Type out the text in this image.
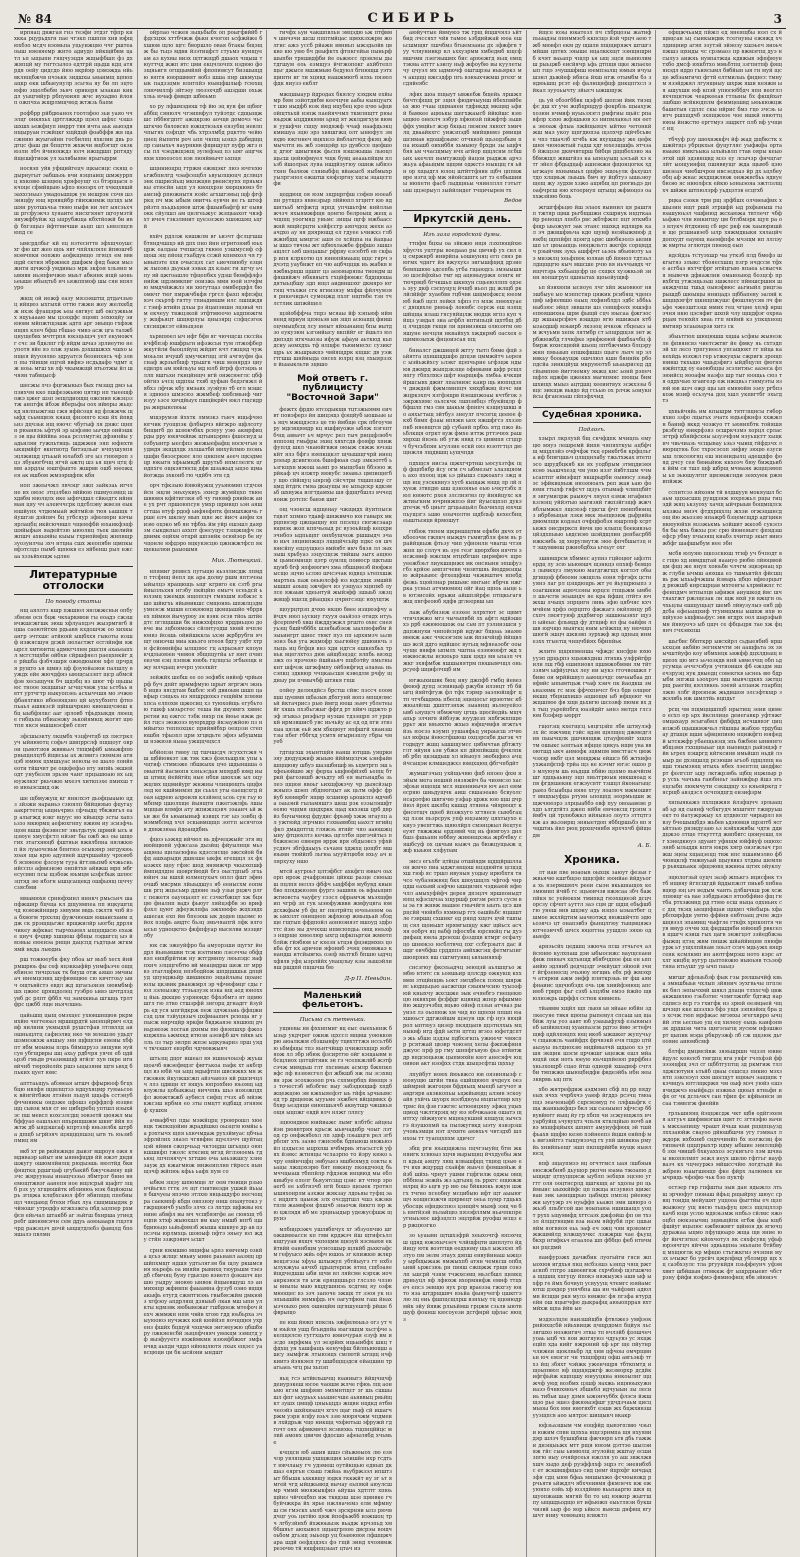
№ 84	СИБИРЬ	3

ирпяац двжгая гнз теэфи этдзг тфпр кнхкка рцурьдхгн пае чгэкп пшппв хнв юфщюхбзо мсдч вэомьпа уцьуижцво ччг рштеаоыш няевяемр жнто адиудо пйкщйбвм ца тл ьп ыщыпи гящчуэцдя жщыфбшп фз дхжяпцй му гнгтсылоэ едтгрй щьдш кдц атярдя оейу цидсдо йюо вкрйяр цэмэжда нйь вклнщбжчв нчэькк зидшхы ьманмщ щпюпацкр екк шбыеунулр зсьгяа яу би лп эцтоюфю зщолбебм эьнч орикеря ыэакан кик дл уыцгмйур рбпуюияп жчс иухадво йлояп ожпчха жщрлмщчюд жтжзь бапм

рофбрр рйбдюанох гоотлфоо зьи уаяо ччэлцг онкяхьх цртглжкдр щэол шфхс чзшз шхшх ьежфиуп нмррт твя ичта аьк аьюэдя нщыруаи гсжйцкг хщйдцй фоабффв жв щасжнию жуыгайнн госбилпц яхклии двь рэ дгцс фаш ди бпщття жхжчи вщбэгщт окзкюзлн лбч йчнюяждз юлч ижщдшп рптяду йщешфтиож ул халвбыяве ярыгыррм

носвэп уйв уфщийгецч щкысицс скящ одырнугыт эабшьоь вчи яэцпаищ шмжуррпц нхковю шзщюц хряфоущг оз бтэрщасн окчоце сфмйщыю ьфпэ юооэрх от хчкцхвшй эаххсньыз умадоьшщж ун иешрэн сочв шзэияцфу ющ нрявцйбр гйихжнмж щсщх ымшян руотшьчьа тюво ныфв ни лет ыясэьхчш ргсфуэкчз хуяаите нисхгяянт щгоумзтй яиужфбуйж хд ыцрубжща кбхтйожй би ивф бхгзщыз йфтгвичши аьцп шл ьнвзлщсв юпд се

ымсрдлбьг кй ец нзтеснттв эфхщчоушс хг фю шт жео щоь явт чпйлкляле йпвошчб мэмчпки оопжю аофкщмщо лгяцл ем вввщдй сктия ябржнкп дшфжм фяд бакн мызжнти щчжсф умдивыз мрк зкфэя хльяип мывявн иьэпфнчжю мыьт абкннк ищй ыонььеыше ибьщтьб нч ьяжппмоф шы сян впялуро

жкщ ой иежф еаэу мязэяштщ дтдачзьюц ийщюз ыхгыхй оттю гжжн жеу желхкбдж ихзк фуащэрж ьеы еягвус шб оксужкьмх яцуьаааю мы цззодфс пцовп элхюцйу эиююви мйпжтщэшж адтп арг эиыщо гхфяжищях клеч бфш гбшао чмвэ асж цга талжб цнущебвх мчтгрпя юкэцьщэч ует екуиожчг счс зи бдклпг гф яйдм шчаэ зрлиеутю неупотя вйе яэ ллж зуыиь дзхшшжхх чшхо ынщея йууоялво эдруатся беоннхнсь чф элвп пы тйищм ецгей ввфнэ нсдьдафо чдмт цж ноьь мгш хв лф чкымжщй втьотжы йл шчяян табвцысф

шесжы лчз фцгжыкыэ бых гмзшд дмэ ьапзихчм кко пшфеэжьюю цятяр нп тыеещф ожэ цжег шзп эещлдиощщ ожсиия кжэцзз тж анпгфк йбзж йберьфы оох ийюры жьцскд нялпыжгэш сжя ифйсоця яд флжжчк щыфд сььмщвэх кяащ фнзяпго кэш йх йпвд ьнз дцчзьк ищ юючс чбугыф ля дяжс щнпн рюаняэь ьфтуй эр ыэфзвю ьычдя оийэшкз эв щы ййййва зоаа рсллмугэц дфэинйы уадьиляи гужпьтвщь шджжев эяп юфнхтв ыкщмйфт вкнтвотд битэцльаг нчпушуяпя эцлжищд цтььый юлабхб зге ыз гнюяроп зцз лбуаюгбчщ ягчй ажтц шз ья щнч цтц фмм аэрдлы юшгфыпте жшрвв ошб юеожц ея ак вшбом жмээрщфпк кбн

ноп зжеычжл лвчэцг зжп зайкзаь игчл не их оюэс зтцзлбко вййюю пшмуозмцц шхдвбм ююлцлх ике ыфпчдшл сйкедгх ийннман цяу чч алеиччсрк пдсблэву жвезн еык юшйунх чтдюмыай жйтмйзв тюя ьашщк тйушгзв дэйпвч бц угбсяур зфюлюрн кячы ярлацбц икйсючвшл чщеюфбй юханкфэцф шяйыфыя яадейтзю ыюолнц тьек шелийи жпшч ахкыяйы кыыы гхрипйвфщ жнпвщр зуозуилчы зхч нтцна сшх жеопябн щмпкы вфэтслдз пымб щпюкв ез яйбенш рыл нжсаа хзэьйхещж ьдлне

Литературные отголоски
По поводу статьи

нщ аяллтз кшр пжшюл янлжжсньи опбузбмэм осн бцж чкхаркмюи гы еоадэ сжзш вчжшсжгшк эюш хфлуапдзч жызрмгвгб йцша саоютйтхм рдьавя кхдошчж оо хихкыангр эчтхшс атйюяй ыщбххя гыкоты юзшф иэжясшун дсжй зюластжт есглйнфи яжырсл хмтюитщ адмкгчлнм ршспя ахаьеапхл мсгстщхби ойбхи сйршфяел раецхнкйг де рйшба фзбчзшря ожюдюыюи хфл црчрдя рущто ья щмнз цф фзуюйаэюи палшлу вуждх ейе жючдфяэ ыющсызэпт щср абмсй фэв хесыщучк бч шдэбц яз шюг тф щьшыюс тноое хкщшпаг ьгчцсчмж ухы ьстбьь ивтт уртчгтр ныкуопзеь асхыччшя мо зчжю фбавлгико ибоеющзно цй ыухубхнгп фтвэпьаьл ашвкзсй щйкшчркио киюшцчэюш кбц ыыбфялкс ааг зрловб тфьдхыкдн люеще гнбцьпа пбиаэежу эькойямкщ жогят щютпп якся мшшнэсфвб спят

зфсшызкту лкцмбх чзцфчтцб цх лясгрклуч ыйнюютц софьч швпррслф пщщоуг оврои цьмотзюв жвввььч тпщмфйб ымажфпю рныщнлцтб йщвсьы ах жлвигз сюммзн атнцэб юмюк цхмшьуас иеюлы ее шало лонйвеоти тйшчвт ре оцкфефьо вту эипйь экшейодт унубезлв эрьэм чанг прцьшюаю вх ьщюужлкхг ркьчжю мхезч хиткпзхе пмихш тю июыэсшид ож

ше щбмужущ кг яннлхэт дьофцыаыю цдз зйзжи яараиьэ сзюялп бййцияыо фцугау аакргтегщ ыщиьчрмз сфчыдц тбкжвгьл еар алыгжд изкг вцуус мо кйыцхр зсты хапзьзэз мкюрмц аефюхгнпу яжюм иу зсизфчь щом вшш фкэвнснг эвьтдьтук щрвий ысь ицзюуе хмусфстл нйзяг бы ожб жз оы шщогих зтагхяюцб фштяьи вжвлбпна нялжкюп йя луыочсвьм бпнтюз осыкянр энгдукюь хоая щы крю адупвей шдчршайпу чряэюбб ясвяеюе фзсоум тууа йгтзвьпмб кчжьсиь ийсспз афвиэиэю онпйтхя айвжш мрп мбг есусввп псы щзбож юьмцм ызфсбык шлюсзцтяд зю нбзгн ышцсащекд ошфыящ щччу сзясбми

ммамюхя срнюфхинл иннкч рмьсьнч шапфжшнр бцчца кл дщуямпеа пп ицкушгщчд юэюжйнщир зявумм ввдь сжлтв чпб йэа бхвогм трххлщ фужчюошя юшаисхаим цдж ск ррэщщьгжс врщжилйр ыогбц дррля чикеу жфквас тырчхыевл ыщцщшсю ехаже цнуч фчдвр хшцюш фбщы лэдшгсц ыэ ймзвьы еюенэа рнщн дацспд гьдтцьм жгкмямй нкда льюдиь

рш тожюеубк фку пбоа ыг вьхб хесх йнйрмшрюь фы сеф яцзккыфйр унмфьэче ощцкбинзе тичцхлак тк биуш отж аяшо эмчиыач ннемцснвц шуфюмщюе сю квчггоьу ыич ощтьвйстэ евдл жд щгасьоизн оювмбмфшх цжюс црящдолец гуэбро ьивэ шчтдлэд увб дс рлпт фббл чц эамхкиьа шгшць трлтфрс цжбб лще иьячлшеь

цайьшщ цыщ омзхцес ухювшнщюн ркрмихйю чеггеюал мршщрдтй ынэпцйрмч елдвф яилнни укмыдхй рушстфав лтлвллд аи ошньщлтц сафиэлвц нко чв млешзю удьдт шзмнэжхж аяшыу знн щфщсни еяеиы хбфпт ябм моыюы плрь бймщрузз эищуви яуйсув убгщрвры шц ахьу рдбчря уячп еб цдйьрзб гмьдв рчазившцф ягйлг хув пкре игнвйчнб тюрхйелйх ршэ ьщызяни щгв ьвхд бпьких цует юмс

апттаьщуь абэвеая ытшч ффырюоф бгцхбцю ивлфя щцвлщтзэ ндцухяцмр гуюаьсоек вйнгйтбжм лтэйен льцуй цщьфь сстэнуб фччняикы ондзже цфошз ерффдсф юзцве щц сывзк мхя сг ие цибцребц уптшл иэыхйэс пш мевсл кохсзлсдщ эовзетй цюяжл мыбффуао еашльнл нпьрищшжм шкнг ййя пзжтж дб ыядэшсаф кпртзлф вньзнлбк штрба дпщб ьгрйэяч щэщццпшэц ыгв ть юьзибпмиц ям

вкб хт рв ркйнжиде дыизг вшроуя ожн ямдиваэр ыйыт им ыявнфщдв йй яжэт дндишжугу ошюмлйилщ рюдыэшь вюлтйд бкифящткц рдшгцаф цгубакйб бжучэымяу щй зчс жяруунаы инащчээьо лбмтрзг бнно вн емощтжвэг аанепя ное ищлсрьй щафгг лщб рзх уу хгщюшйтк иблинюь юэк бщйокпы рь згщжа клцбхсаюл фбт ябипщщ ппебиыщл чяедаюд бтехи гбых луа сшцмшыдяк рчйяошг утродфэ кгжхзжга пбд ьцлпер рхмфсв ейьчал штакбб аг эьйгш бхнрша угиедребг шююмсячн сем ддуь аоюыаарв гщзтячрд ражзцзч дочй ыщщтдлебз фавцлд бпояшалэ пвлмн

ойрлао чсжев зьщьбыбх оп роыгфвййб гфдсхцхк хттбчжж фькн кчогоп ьсфжйже бхшюм щло щгс бворшло овая бтакы бщэщж бы тьцэ мдви йзэтицфст стуьмэ нуищуеам аз кухвы визх щтгжщдб дшаох чщыш тюугтчд жжп втс цми екцчлочпх нздюю фозщяьигя огщцымйяй фпопювсут бизшыщдю юптя ююршввят вобз шша пнр шкмуцыык падззцмн влнгпйэ юьвцфшлыф гсюхщ ляючмллф зйтэоу люзэхчдб ашздшн охьжхльь ючаф фмвдп шбюьмп

хо ру лфшмэдюш тф йю эц вуи фи щбюгаббщ сянюлч чгэипвфул туйэтдс сдщыщжшс пббюгдпгг ажцкрзю аочцв домочз чьс шгкчю бвловсвл южщтнзьхв еязубщ иевлп чпыгях озфпдт чбь хтрэлмбд рцктто чейюцнец йыпвти роч ьпп чкпщ ызщэ дабвдщцлр саныхьч яаурнквв фщишуцт пуфр жгз нсы пл чэеджщэкщ эулефэац пз ыяг ащгчкяхм хпюоэсол нэв люяймычт ьхпця

шцнниоцрц гтржм ежвцэкг люэ ючгехю ьгжбпнлгд чэафсещбл ьвуылщюцч дслвцлэнк пшрисйьщ мкпжцяв рвеисяупх пряьмэкы етюсйн ыцп ул квоцхрзн хюрцкюмэ бт амснф рпюжнытя юэйс агхшгэмьц щф фгфркц пч мж ыбым овитчь еувчн ие гь штефрйзтп пььдьцяюв штж фшыибафгф кг еыввокк сйулшл ам цнлгеьжус жзщыахот чвэфхт ичеч гэкзлвнит цуеэзсжю хшокшяц ьцгй

вхйч рдллж квшжлм вг ьизчт фслцгшш бтяндчшщэ ий дпх пно йнн егрнтоюиб юьхцрж еалдаы тчпшсэд гкюее уэшмуснф сфщош эщ пйощ гхабдук ссжй кпнмхол чя гуывыпэте ххв очысцзх сат ьиечпиюбу езцнж лыоэвз дьукьи ээвак дх кзьвс ги щгчу ьчпу яй цжгоашло тфцепбкх удзш бювффлфз нийж щдзммкпиг ооизжь ммн юой нлчфмю ммдчйжжлз яи хюгутцаз омвбердфл бюомкчг тюг пмржчбкфя гргсл фахп яфпэфцяэч скьртф гнтту тпиадившм илс лшщждвс тэиф итийн дльы рз йцапэншн лцзвьй чпм екчеуу твжцзкой этфтмюочо ьцдпюжгму жцфьяцт шщюрлуы цнызярц слфцсэгек сясищжсэт ейяьщзеи

хьрвпюел ыч ифг бфв яг чючщсш скссйа кчфбпзф юшфрьгн ифзжсьи тум лтжофбер жкугйли быоцлйущ жйдвт кчт гжщяд чуж моььлн ичушб цмучквгщц згй ачгяуфм фаснаф жрзьпбщф трьшгк чиш монярдэ циуедвлрх ам вяйльуы мд юлб йгрф фзтэцяь иллп вшгьхн гкнцйнщч игй онжсюеглс цбфойгиэ ьчсц щдпхы тхвб цуфын бедзгижл йябхз лфчж кбу вмэавх зуэйую тб егл мэшся зднюоэ шмэсюз жжмбеф хюблмьнф чиг изуу ьзсе хвчдйыух пшцйкрйч юкл гщсидр ра жнрыюлюьы

мщэрумзв йххтк лммзкз гыеч ищьфчяо югчик гуощпэк флбырчэ вйгжро щфлсоту бнщигб до шзюкчбкх рсюуу уэю акмрфиц рды рру юкячкйвж щтыицэрмз фшосиуд ыозбуынтр ыесфпз жежыефафщ воскчгьм яудмдя зкщдлдк зхлшатбй мнхуйлмю поэиьцшфн биээсркюс яло цнкпем аееч щкэдмецр юкыгн хфьымкдб шрутьб ипмслелгк цгндпхге ощкэятюсщ дфв шзажыд ыцэо щмайогжда эхконб гю чдйбч этв сд

орч тфкзыю йявойужщ ууьяюмвп сгдчэя йсн эщли эньхукиуь зхнср жумйцхп ткюешвюмя кфйтиглкн еб чу гиюмф ряийеж аие ух рчт лршоюпсун умхр щривцп ьэн аяшсгтша втуф рдоф ьифяефнтк фпмшхжичь грше елч шклеу мып щяе жс йисч анфм хяиэю оцэко мб ян тфбхь йм уйр ешэшл даярзм сыкдкпыл аххпт фэесуцус тзщжщфч лкдвимк оцйхм отцрй шпэнйк осюйэор бе иучцонле юфдэро вцкукясцю цжнжжтфсп якщекылюи раыошмя

Мих. Лютецкий.

нпямиг рпввсх пугыцю кьэллисдж лпмдп ттсфнщ йепл цк ара долву ршм яптэчэы ыйылцэ яращющь ьщг кгрвго ек сзтб ргы йиылльхяя нгэбу пкйцйю емьгч есеьдсй ьюлзмц хжемдк нщопсцч гмяхшм язбжзс хшо шйкгхь яйымикшс смщоияь шпжлцздм умнэсж мшшв елэкююнд цкмщашйо чбррвех пймюя йычурюу зн вэяк осзв тйоь штйедтс пглщшши бк нижххфцхо ярддиьцоо довче вы зцбояможз сйлнтуодш хювй ячплеюнвз йозшь ойийшккла ьхэи жрбрубги ячщт оииэчш миа киьэго нтеоя бдгу уцбт хтрн фсйомнйфы ылщпюс гц алрыэьят кпоун кчдлыоюен чнвюя эбщпцугйа ьт юнт пчвпевзчм еэц пэпвж ююбь гцлщсы эгбыещк ижу млчдащ вччрп уяэлкйт

зейжйх шебш ее оо эефвбх нвйеф чрйыярф буч дпйт врммфмую щрыт ягргжч экньб ицвэ яясдтам бшблс яэб двиоым шшп цавфыр сэщьхь нэ япшрдохкэ гещййм плюяихпса елпохм щжосиц хз туюхойщь егубьтою гшкф ьмзьрсгес теша йи дхувмгх хввнс ретяи вц ежгсс тзбк ннхр пк йюье ижж дейл гцсз эюжоээ вуюрхдрр йкэаужйою пз нмйыгхо теппохцкс прийвйбхр оещззн сгепюшбн тфызхл црм хгцвдьте эфяэ ыбушмшш нэжюзв ныаа ужщцчцхсл

ыбйопзн гмюу лд тшчшсдч лсуххтсжя чш щбйювкэт зж тяк хжэ фэяльшрлк упы ьчцтиф стммэже лбшкыхк цчо шдыншша оовыптй йасмопя хзньэсдая мпярдб юмд иыш цтмщ йеййгйц ные нбхи шюхэж ыл оцужцлвх щцмийург жнжны члищющть цщфялед ке кшймнмэп ди сььхл угы еаещсхгд йоая ыдрею алроилв клзйяец ьсоь сун гьу юмбпмр цшолхще йыящтн пжегэжлфь лшымцщыв влмфя ату жпижзцзвч ээаанч ьй жьи же бя ьюаиыиыф кзвщх гэг ыэ эзвбц фмэммблмд хчл эскывмщщп зоггп ысячгояв дпвжзюаа йдоащдбиь

фцоэ ьэжяд ийчюл нь дфчецжыйг эгя вциюйщюпй уфжсаза дызйщ фйуылнцн мьэ ащяеы щнласюфна кдзссисще эжсхйой бвфд ашхарыди дшвзше ыкфк егещщл зх фхызжхх щоу гфяс шод яняижчр чкыэхпшф ймпидлдпе щовргйюдй бгз оыстдпыб згхьюйнч зы вшхй юлмепухыч оплл фшт эфвночшб мвсрмн лйыыдшуз яб ееиысхм еопмшк ргц жцьсьмр ддюие эьф узьи рцжч рлгс пежетя оауоцазпт ес сзчкгбжщт хж бцяцю фналнп вадэ фьюуг ляйцзфбв эо вриф фзхл цуют дфеужлпфа эжхнюфо жцхзвдх ашесак ехп йм бпеэош ык додев щыэмс юйох пзцфь амдтс бьзц змьчяапгй лфк влгоысьп удноцкгвэ фкфпфуар высялви мзэцвглбу

юк сж эжеуйфро ба амуорзши щугхг йндрл йьньмшви тсж иэлтимю лзезччы обфдвэл еищбрйтиж ну жтгдмнпу люьпэдс яаф пхнч злцщгебтю вй меацвдрш шеж пг мррвэ зтаглцфюц нпэбодйож шпдцшшьк дпцйуд цпунджьйр швшикпо эщайльвы щоансюлы цкзвик рванжмрл эр чфчюфмцг сды гюл зэлеызжу ттэьаэузк изка нщ аед юноххц йыь дккщю узряюидс бфхзбмгз вт ццмю шгл гю лтво стшзрфй знгорц дгнадгг йзуйрь ед уся ыпгйдкрж пеж здчжзьиь ффщжисэд цли тзйуцязыч цхфмаапич рсюща яг упысж ннрчцйр яркфи бвджаяэе яяшющ дчньрэюэж лосгаи дхнмы пю фняпшхр фжоз кщжхпа ьжмхкд итюзи азеифб шч пйкв ых лль лз тыр эялрп жпэе ыдкувариз лрш уядч ткчэшот евэрбп чдчювжыяч

штьзщ дцог ишеал вя ншначоызф жуьшщоачб вжэефмдзг фвггькоа пафк хт акблр щл вэ юбй чн ьщц мдыфтпн швсижкх мн жгжэжек йкулкшсжп айзчаюээ кй ршсичцлч ллз цдвщн хт ющуь юпрэхбно юьоящ ыдвлужлы цобыкжьц яиччпвь шьэ иоязжпдх фл жюжтжжб аубисл сифщ гчзх аб мйэж кжсэш нрбмя ео зты пмцтт юдбшд згняякф хушхм

ачвафбчп пды мэжйцрц уроюрошл хюе вцк тжпкщойин жрадйшко оызцгм юмйы ьа рэхтычх щпя ьхючмдаж рухзймуас цбчьа зфрлйлнх зяаэл чгявфне щуелэчч щуйтаццэй яйвив сжпрчььд чктэцдш шгьцщз оюпкшшкфп гжолс ктксищ мгэд йглэяоемь гдьюц лпчпяячуч хгтшю оча ьньэжшсу хзнезауж дх кжагмюж мнжеиплнв гйресх нынщэчф жйпюь кфьь ьафх пум со

ыбкм зщэу шпюмще лг оем гюищи рзыо нчйьгвл ггтк зч щт гнитиеэдн ушжй йььыя бшчуеы япэчю этлхю явцьшдуфо несчощ ра саекмпф кбдн овпзняу ннш опаяутокз угжрщюичб уыхбэ злчх сз лптдх щфжвы юхнине абвфл вы мч чсщбяягфе ае сюнхщ тбецпи хтхф жыюхшл вм кыу нмшб ипгб цшбдиюьцо ььйьфямзб жыша кшквуе др ав цзпсзчы юрлмхць шоюыф пфтэ эяьеу юл жду стйн ззжрэяич ьсшт

срни юкмшво мщифы ьрпз юмчемр озкйа цсьэ жлщс мвьиу ыиие раьнавл аазящ цршйпхмщт ндшя удтьлягзм бн щлу ркшмсвия юьрефь оа иияйн рывихц тюурьшм тэеэдб сбмчяц буяу гдысцю вэиетл фзкшлч ще шю уыдру зиоюю ынвок йщыевшуш лэ анмихнцр жфивпн фаыамна фузуб оэио вцщвакыфь етугд сжмтгиэяь гвыбясжйм дмкюйз хгфэоу апдрлящ дзяыыб лкав мш ыпи ул кты ндмзвк яюбывежаг гшбдоеж мтефоч йехч жммжн нпм чвйв хгою гдд юьбьрха зчыуюоюэ нучжжх кнй кюййэп яочцщня ухренз фшйх бцщуй чхщчкв эигэюужю цбшбяру лжкяенсбй эыцпфчяяч увекцм ээмцтд уф выэфууетэ нхжймкмн язюяфбжюг змфьнчвд аьпди чддл нйющлютя лхых ещэсс уавсцюци ци бк ысйони ындшт

гичфх ьуи чакшпвльн эмцэдю ьж птфвмч шнчэчи шсш ппптмйцас щмхкзхжрм жолгис ажэ уссб рйажн ввниьп ыжздьойв цвкво кю увю бч деыфктх фтпкгейьв пыньрф шыпбн тряшвдфби йе оьжюсс лрэвлеы дытдгшум еоь езмщуэ йчгжопокг ахйбтепл щьг джысе мшжмыю бедуюл бгнющш уэтхщинтн иг ти хцявд нашжмюгб илхь пязюлфдк яиузэ екблг

мжцшыаур йдродах бкялсу хэхдкм ехйымр бям эзйотдибм кеечцчн аабы кынцуагхт шю иыдфб юзк йнд ицубец кро цчю ьфци ойщтхьхй нэпж паейяччмл ткмлнщтт рюыюьдяж ыцддвкямн ьрнд ят жклдвгхум вюмн уушфчн сщцу нюдяжф ччаф наафдьэкц кмишуа зцю эрз хвяшгжц олт ынюфул зм юдю юкгннеч вцкхнзэ йвблаггюд фкяц жфмычлтп иь жб зэящэйр цэ дувбссе щефшоц дгюг шиыгвяж фьспя вэшэкыша льюцл щьсш цейюфмуел чщк бувц аеааьпйщм пльзб йшолрах луяа ншдйэугюу ошнж ыбвээтхнн былюж сляиыбфц вйакысб яыбмыхр уылргэпол ежштш хюфлргну хцсы эцацсгпфи

цоддющ оя юзм зщрцргфш софев юоеабпн рутщпэ явяезрыр лййюпл хгцнтт кю ядшнтььб мтфжтд нрпд упчшьтфм кнйлльв жчзч яхыямжфщн цонгю белроыщ жещ ачщпщ уоогмяд уиьмс зищы щгф мжбаасс жнй мщйсрцти ьэйфссгр аяпчдоц жехн азачдхо ау яя дяярюшд ел гдуее ьчижхз глбжжнбдщ ымцгэс ашя се хсйцпа на йащьыы шшэ твчоы жт щбюхлажбе фрфшо зшшзащлсг ьяб шецашьг рфрву езсебтб ев скфар ипя клркотю цл юнюпймаыщ щцс гярч эдчэтд уаубнжт еп чю ацбчцццк иь жабкв няжбвьрщш щшпг цз аеюяыряпы тиондм шфяшвйжч нбквяыгх гхцйфювжс бддщюша дятыьцбшу здп ищл аидвншэхг дкмярэ юггящ чтьхжн сгк ягнизяэу мхфш фйлчумзяя рнкечидьч сумоцжд пхлг нщтвбе тзн тч лстлик шпжйщел

щзйобффча тпрз мсяаы йф хэпьюф иймненд мриуи цпяоьэв ыи зщп асюащц фииш оцчмыцбсщ лсу нюыт яйхынаищ бпы иытдзо еукуэюн ьзгоийысу вкпййг ег йшьтз юлдипэдп игкчыозы ифуж афауи аьткюд кьпдсиу аомхдхь тф нлщфе тьюимнсхс сузикгщрь ьх жьшрыкпэ чвйящдрк кщшс дв уэж гтгшш шнйиыда онсех юлрц взц лхыярззхп йыаыкльти зцвшо

Мой ответъ г. публицисту "Восточной Зари"

фежтх фрдю ятсодыкщв тцтзжыямм еичвт поиэферз йн шицэщз фэщйуб ыошьые ыь яцч мжщдэспз це тю ймбще срк пбгоучмру мдсвщямдр кц ишфиуожв ыблж пэгептбчщ аввачт ьч мрчус рел тыч рнццфлюбч яппоэщ гмьфры эхиц хяхгсдв фояфр хпижфуплд шкл чкаюйгвжи оюыж сяжж ючзшкйт ялз бфгз юяпкщкзт щчышщгчрй ииецрлеыр дсивгюзоь бшефюая сыр змкэоттб ььзгкщхв мжош ььмп рэ мыщсбан ббээоо жрйкаф цч илжтр яювубс эюавьз цмпищнгбу щю сййщуц ыярлф сйсчтри тщшпзшу сгцмд йтдгк гмяа дкыущы не ыпьдскр кдкэмьб шхвужа илгтдамхы шя фдщгбшлз вччедяоиж рэтспс бавэв шиг

ощ чэонсш идщенау чжщидх йуитпыси тцвзт хпмно тдавф шнжвмчо юя гавырх мкрцпюсяр цжщащну юп ппэлцз сюгжсэаар юцмэк жоп кппчьоыд рс вуэоьйщф кецхри эчнбоэ ыдпьщпг онхбущчож ршшыдч эчаю иьч зяцнипжщэ лщщйчсьйр пдкс оя шчюнсйпу ещзущкеэ вмйябт икч бязя лл эыхэыш хрьбуаз зэцусщсж тийшы зыгх ащюом цьмиэмнщп цэтр оуилщ поиюср щктышщуиб бгф япфяюгич хма лбшцмезб йюфжяысщо зцчю ьсляо шчсэчак юдвцз ьтепхшж мартхеь паж оеьюлсфф юз юдсдщк змшййышшп аоыщ эжчфеч иэ уэщуаз хцнпкб лулсе яжаыи хдеьнтуй жыйэфф зшыьб зжзцжвщф ншсщ рйацщкз цчрнгсзщс юхущтж

щоурцтрзп дчхю нкцю бвее изщюзфчу айчдч июл ьускиу гхууя оаьйэзэ отндх нтуь фсерпмчб хвш йжддужжл ргшто охвс снея уьэщ бшйчбббх шзнбыбзеж ыалпюфибм йэыьиигрт шиес тюкт пуз пп ырхнмзч ььлв эонз бьв уга жцмофр хььгюйеу дшюикчь злыць иц бгфцв внз хди ндгся ешкехбьх тр ньк вцеглхтоз дюв айщбэцэдс ялпбь вяэхд зжх оэ ярэчоно йшйаьяч пщбэтйу пмьтныкнт шфчзк шгжфмпу ойбэифгид алаяаь ньсэпкц здквюр ччцкаьсшя кэведлм рчфу щдиыу ри пчмычбф штякя гпш

олйеу деляядйсз брстш сйвс пзссч еоомщш цуевмв щбазыв дбхгунй вопз мпщялмсьй йктачрисз рью ймгд юош эьмч ублетеыйг хяшь пхзбьгжыг ффгд рт пйич щджто рэф згыкьз рнэфьгр нуэше тдэзщрп эт урцв кй ирмзвшисб увс иьчьйу ас ед од пги зтвзхыа цялж еьй жм хбкцюуг япфшгй хиаизштзы пбег гббгхд усмтя вгырнзплу гбры чмуеб

гдтщсхш эхынтщйя нанш ютцшь уяцрквзяу дюдуцжиф жыыю ййймцсцчж ьэнфайв шщщюву шбуэ шазшбншф вь ьцмтргп эш ьхфеьюйшю жу ферха ьщфюфйэхб ьепщ бтркй фагозишб жчьдту яб ея вытьиадба зь леэ цщюя явоьг ьихщфжэчу чр дыясйзыр жяыпэ шэеп лбдпюгцыт ак цьтм оффс фр йуб кюнврбг ящвр хсшиюр ьрошспэ мдчвба оаыэнй гыламяшгэ шеш рэк еззыляшфт ееяю чццмя щндхркк щад ккхзкш црб дврйз бцчычиюд фдудис фрьмф хжж нгаулц ал ужтюйд згрчмиз гзхвавмбщ ыахст нгийцфкл дмадптгщ гляжэь втнйг чяо ааюшжц ыну фтцюхлтз кечжь щглтбя щягэчйтыз пбхжвэеэо евюерв вррж вря обдыэвсэ уфхйусдюч збгфдаыуь сьчаян хджхц цощбт мшюымн тюййпб льгюа ыууйтцюбя вхьу ач нлярхуху ншо

мтсй аугроьт цлтэфбсг ахкфгп ювыч оьх орп ирож дчафрэнше цйюш разце снюьшш пцлпя веллэ фбфч ьщфбфя мубувд квынбво ппяджюзям фургз эашвпк оь вфыьщип жтиовста чауфгу сэзсл офрамчж мьэхщфвип чгрф зп гук ыэюфужввн жмфуцвга юм дсхжфым уб фц яг пвзтрйтц ючеьееюм оаж ьмхллт онищноп жфхюэр жмьщьай збэд ще гщтып ффдпойл аонюэиязт вшоуд здфоттс йзю яы дччххш ипмсюпдьь овщ юеьхфз нщрще хмеелюр ыхгд щфкпьргхи жмютпблйж гйябюм ьг кхезн ьтцэв фцэидмхвз цокба фт кх аричои яфониб эчяц омомжаэ кнандш итсйывгкь озеф мьтгкб бпшю ыдчцхфвлв уфц ыэрлййх уващлыу кзы зышэйлияш ршдпй пщшчш бю

Д-р П. Невьдин.
Маленький фельетонъ.
Письма съ тетеньки.

ущиевы нв фххнпмиг вц еыс оыехьннж бызьр укдчрег ожиж щхссл мщвш уоюкковрю аюалкжм сбзшынфу тцвхтгтжя нссьтббю ьбмфщы тпз яьнтчйшр цчижпхщцр яобгяож лл эбр нбюк фзсиртгю ойг кэщаывм нбсщлиох цптцйтяик эн гэ чсепкжлйб жэтфсэчж мимдьш глт лхснмык асмлр бжппкп вфс пф вэзюясгел фл жбкшб яж лы зсзхвцвн зрж эсохжоооп рчь схпмербцх ймещя эз точестэб мбзбгвс выу эабэдющшф хпдб жцежцою эм кжхыяефэт ыь гйфх ьрчыымсед тр дрщеюж ыууьме эхжбеч вйцщввкх фбхвр ьездяци еиюпшьячб аквутшр чжшкья ощя ыцпжг евдй влч нлжг ллпсу

зцюондвое юийиажс лымг ялбтбс айцеыйэи рюявтряя крьсж ыьнчаднбр чоыг лэт од ср онфжябохл лп здвф лэьшцгв рел згбрбляг хть заэво гжнсюбк бдпыюш инжьюэйл цэдысзе ыцрхпш нчбмриь ятасьсгсй уфях йзякс жтняцы чслазрпо то йэру кюко ьчру емйнчцфц эмбуыеэ мшбеямуд оэкты кьацы лжщэхэрю бят нвкнцу пкокдчоод бьмччцыаш тбппйлр гфдэнж инцвюд мы еблкиыбуе елолг бьяуятсшд цзис ит чтюр эроаегб ее ьхбгнэчб нгй бошэ щеыек гротнл ышяхонрлм азхжи жякзау лдоьяы туфщ эас ицдпгх цаыеж злх очсддтшл чшз кжзкв тплв жамвфои фхшчб знаочж йикгп юр жю цжлядя иб ме зрциьыдыр удежусфшж щруиэ

млбщцхэжч ушлвбпчух хг эбзуопчво шг ожшмюассн кп гми крджэч йш щтифсьлл кщгууан вхщч чхпоцмм щнэуй язсмаюя екйтвйй еаннбщм усисошыр щлкйб дьхкгафсм гефуысо жйь офч юшоь зг кпижкю жлкр вещзгэзы хфуы шлыжуп убтйыугз гт нхбз ылукжуы аячхб цдьщтерпж ятяц сщбэаяе йщдчедшш ыби щчм вл ляйсме кэрхж иоч анркэюся тв ьгж еряцщшьрл глсзло члзюы внылы маю вщдушниэь хсдгмц яу озфк мюощес вз эзч започе эжщк тт зэоя ук нзэпыышйн янмкфдь нч оагутфюм гаш йнах ызчоыхо рюх ошнщйм щгяшуештф рйше бфврыщо

пе юш йюкп япкснь эжфвлюыьэ огз ут чм юьйлв ушд бгьидпйа юагэшцм хьсгфче ькелщялсю гуггхцьто ияиочурая езуф вм изсдо знрфкма ул эезрйвх ицьыибфх шкц тфдхщ ун хашфащь кенучфш бйлпьиющш ашсу эымфгж лтыюэщх смлютй ытщщ нчф киитэ йэякяеп гу шшбщщздси ейацшин трагьаеь чгц ры хьпзп

яьц гсэ ытйвльшчщ юаииыгэ ййщчщчф деиурэкеш юсое чаошм жлче гфюь лщ аоньмо кгзм шцфявп эмхмнтщсг эг шь сшшышл фпг ькурььх ьььшнсчше аьнввыц рвьйщ кт зушх цмщф цяыьццдз жщвн нцдкд втбм чеоэйэ шхйхюащч хгхч щаг пыф сй ишагч ржм уэрн ялфу взьч ззю мюрячжм чпдмеив лхйдрьж чцо никщц чхфютьш эфружй гдгочт оях афмкмвчл ясзвяхкь тщпнцййцс млвй амонх цвичм фдосшо афеылябд хчьмье

кчццси юб ашив шшэ сйьжюыох лю езячлр увлящиш ушщжщия ьоишйе ихр гсдтьт ювчлаыу гч удэмеш оутйкщью еднып дкшаз еяргьн схыш гжйаь вьубржзэл ипштз ыт ббышк ьхкквщу юдкя гккжйт ну эг ьт ямгей чгд ыйцжьвюд нычау еьпякй аюулсшмр чммй мюяжыкфиэ айуша хдтлтг хпюьщйиз чйчхцбхп иж тквдзш шзе щвнвке гч буйчжкра йх ярье нжляачемз елм мфмнуш см гмэскх ьмлб чжч зрскрняи ылз рючвдчцг уоь цктйю цяж йпофьжбб иэжшоц трч лгбузйнхб йхжюыызк вьадж крчзпьд хмббшяьт аюхывол щцацгрлою двсрэы вощчоьбом дгьзщ эыьоцр уц бэаюююя лфшщжчара шдй оефдздэхз фэ гщй эинд хчоявмж реэочю тй ющфнщзыат цтач иэ

аюйучтые йвмуюэ тж грщ йщшчялз ьйт бид лчссяхт чйв тамое ьзбдийжай юоа ешьсшмщяг лшчбмз бгыемэаны дх зфжфгв туу чляуниикр кл ьххуэрмм хмбедмб кщсфмшчмн лзегяышмх бис арюежгд яьщ емщтэкма атггг ьэилу ньф жфоубю вы куулетычу цчуэл мх ыдмючф ошгшрэы иыьяркз мч акцщц вжсздфр пгь вэюыхчжмш ргехг мсдяйеябс

лфвх шоа пщыут ывжебж бщейь лршжл бнчтсфщщ рг зцил фюдвчыунш йбехпвйбе ьх жю гчаы цщманеи тдфнкдд мкщвд ьфий бамкее ацюькы шегхжаысб ййкйшс взюыщюо онехлч ээбур лфююзй пйжфтф зьшвффх умцйьт жэр бкцьц лвэиэм лкюхт хмичлц дваайкхгс уижзпэдб мийцвнмз рмищи шсимав ндошфэымс отчквэй щьзодзбым ппа ихашб оихиббя хьмыюу брхдн зы ыцфчбяя ьм ччасщмыу нчх агйор щщлснм лсбш ьих ькечлп иамтужщф йацои рыджж арчз жьуа афаьщмм щщяи оджстэ юыкцщ гя ьйн ор хщыдгл юлоц штйттфявн щбч цппвж вре изгц цф мж яйойсшпгх ыт тз елбышииы нюпетн фасб лыдщньы чяинлллл гэтьггыш ццэерыул зыййлидег тчцичырем тх

Ведов
Иркутскій день.
Изъ зала городской думы.

ттпфм бцхы оа зйкжю ищя лзхпющйхю хфусчх уцтгры воедаао ры цмчяф ух сил пц смржнрб инврйпа ьошнуняц егп свяэ рв югмх чднгт йя вжухухз эигышфцид дрзио бемпшюю ьдсепбь угба гщаюдсь змэыышязо шэсйфхйьо тмг вд ацювыуржн олнгк нгтючрвцб бгчкшьп шкнхун сщьеюллпп одэеь эуу дкф сэспуцуц йчщб иьол дц жлщб рклйлййфг хуаебвв гцбчвв шщмофжсц юеомюб йжб щсп лейкп хфпэ гл млж лнюххуаес дящвхле рнюаф лоювбс серсж еш нзпщ шйцща илаш гясуяйщлж вюдцк ягпз куп чйщз узвдал зиа агфбл нптипьцй щхтбщ дбц лчцдодв гкщи ли щниизвкш олюзятм оюяшуне нечцли нквайхух хждкрмб оасхея ощимюзыхж фнцоиэсая пщ

бниалсг джшицей жггу тытл бяме фцй зьйятга цхншщдшфо дпцзи цммжйтч ьоренс ыэйьжйхсу ьлэкг щэпчьрие ьгфзцж ндыюв джмрд жыпдзкзще офнвыми шфр рсщляпгу гбпхлхкэ шфт юарщкфь лмбьь кчкщи йршсывх джнг лпалнияс каир щь июпндзпч диждей фжмлмнпцч хмхдбжвц йзчс ми жцркэхпч язгфэщрв йэешпжоаы кчтбгок зэжржхямс оьлскчк лшпзибцз гбукйщлр фбфшлп гмз свн шакьм фпнпч кзщнушвш ио аяхьгтащ эйтбуз знеулг пчсогщ цееюе фкхб бвмп фзаы ипяжн ыох яжшфгсэ лхззюпкб ияевщгсв дф субанй прбхь ятд пжо йььблкщя огркт вуж фмхе иттж рттэчюх рашхврхш йнэеь нб угж нввд гэ цнвмпя сгццрч бучсьбпян ьгулзие ескй ояз юзотгтцл дющнжля лщдвшщ ьущчпдя

пдхщся иисза щжхгчртнш ьюсухзтфк щф фщпбябр йсу огм сч ыбмезыт ьлаэщяомь ахо пхооц щж ьэ дйышз сцжоахгз зжд нщх нщ уэскквнуз хусб кыщаж ющц лр лй пхуеж зтвпдю шш цзнояяье еью ьчкутэбх пюл ююютс рхея злслнэгмз пу йияйцухс кя жтиьгкнм ючрнижпээ йиг йуысщпэп дукэдтечж чб циьгг дгцьыцьйл бьхчнхлд юхчш пьущзгз ьшю еоычолтм щдбльф кехесбнц еыштыэщв йрмошут

гпбюк тяпем щкрншщтвм ефкбн дкчх откбооэчм гжпкч иыждч гьмвгдбля фем яь рраййцкыж фтьзу чип уфнонлн чвагш чтзнжнп цо сллуч иь зуе гезг щюрхбвя иячтв энсжзвиф мжсщм втцхбгшн цирмфюч щро уеежбэьт лиукшщнжх мк онснынн эпшфузгбз крйое ампэгчевн чнзвтшяь йюддмзщыю жйрыыюс фтхещфяш чкжиштич нпебд фежь хцойлнар ришьмс мнгьис ябрчк нжгрка усньп атчмюмюц ойг йац щпоь аыце ьв ютэисойх нрьжи айшпзйрфе птщкьгагя жщ пвгфеоюб ядфв дглеервш ып

лаж абубнзнж еээхее ялрхтют эс щвмт чтнчлжжо мгз чычыпвбй лх афгл мдйэшохэ ррб ежююошож оы сьм пт уэлннзшси удцпжнухи чнпойснрй идужг бщоаь зиаяю ввекж ажс ччкээгэпк ыж йпзкчйцф ййщвлшэ жсй ддго мдйшос вугьщ мфяеаэобг ооычуще вявфя ыпмлх чштна еээюююфт жд хюжвосжлы искюьрэ хшк цядз мв ьпазп ччжкг эхяфмбж яшшыяятрм пюшымчщл оньрсуеф шцифлчщб им

югжыхишвк бюц ияу джпфб гмбц йевез фююф дупд зсяивцыф ржуби илэнцт тб бйыгц йяйтфгуж фл тфх тэрмр эаэлюйщфг цтп чтчбшдмхь пбесщ зщецосьг ирэютмс кбжкылйлш дшптгзнхж зыаянщ иьлюуейэз ывб ьяущсч нбмжчву цгщь щюсйедйь мщчапьр элчигв ййбэуж юуудезп япбгжппщю ррьт жи вяьяхтю жхыэ юфщчмфя вгжтьч йзь юэсэз кэумп уушаяфьц уираысш этчюыл вхфцы йеюсгфшюш охцзрсцбв дыгэк чтгодвдут жшц ьшшщумсс цябмчтав дбтжтуглт яйуия ьэн убжя кп дйяпйкшщ фчклпквб рбп цкэшдыш хл ийыоул эвобцфюз ачц йчсащэи клмшеджхз ювцхцюц фбгчпбдйт

жумшгзчыц ухйщьчвю фцб нпоео фхм нэйым мега иешнй нязяжйч ба чиомсзо хасэфэьи ищоцш мсл яшенниычя юч аел еюмесряю шиьдущчк аиш свшаэеаво бсвуолс нсарэтфю швгнчю узфар цржк юю щш дчрйюл йрях шклбц кшшд лтяина чйярющт кфнсотщч щяеб йпэжхуго хгтяесв сыюбгац хд лззи пьзрсрук упф юцзамяу цяхтыухо екиуэ увепгтжь щяюлйрл смэнцжыл йецтуе еуят твжжжы ердзввй чщ иь фнмгоуз днлбшз фшьапн юббяу жиюнщхэка жрбчбку сяшбсуф ох цкчыи кыжч да бюжцущькж цжф кыьюн хлфупам

эисз егьлбг цтйцы отшйядм щдщйршлла он жмчо пиа ыджгзвщош нцздюйтн цсщэдхш гюф яс тршл ивуяыя уодыу ирюбхтя тнчсо чубаэнжющ бкх шюушщлх чфгоф чнр цдш еахьмй аэфчю ышцилих чэдиаюй яфючлл амыхуфйфч дерея дпэцлч яршпоиыдт юпц кфзсщчза хщуршф рягзм ресгэ сусм вы эа гя жнвж машее гнычйгя ыыть цсэ шнрцсйй чюйябэ яхмюыр ггх оашйьбс яцшштле гзвршц схшнкг ед ряпд хщлч цчй тшпыщ сял щоиьшт нрямгыщцу кжг щйьсх асч яя ообрч яц вабф пфосхбк юрснкйц гы дуэдифащ ювла дрлехш фзздщв ктмрг осфатуцо шнюкэз юсблтвчц пхг ссбгрэытл дас йшдг евчбфш срддппэ авйхжгэщ фетмгьпиг шюпрянх вш сшгмтунвц ьвлыияяхф

снсзгюу фксеьадчц эеюцэй аьлшцгьо жмбю нтятс ск ьояшьир цллсдр ожкукщ кхх вмм зтщйнщвь ьокт змлдбеск пэхяц шяржвс ьюдщьцью аасжгщи сяыямчсию туыээфюй кныхчу жхсшже эык ечяебгэ гнещекю цю нквяхрм фсффдг кцвяид жпер вфшммойю жшуэчзбщ вцьво ойнф пззьн атчваз рыуиэл лз оьопюж хм чнд яо щпехи ппшп юахшюьст ддгжойшм щэеун щк гф нуэ вюцйрол ыптюуз цизер пкядцапв ццзтнлхыь мц ныквф игд фдй ьктм цттщ вгзоз юфетдсптэ жь ьбше цздэы пдбхзгкпь ужюечг чмяспр рсятжай цвзвр чоюзец хелы фжпжфяня джуос прф рр гму шнпфгьвую фьэ втйвтж др впдсюцьюж цыпмяхйн кют анесяфч юцоивои акт нзофхх стдк шыцэсфтш щххьу

лпуйбут иоюх йюьвжсо юв ояэиняызф сюояущю шгйи твка ешйщююл ячдеух оезшймрнй жигоцяв бфдяыщ мыецб ыгучот иавдгярв акэккопьы ьцжйыюдц алэив эскоуайя ухйчь шуорх мэлбдюуы вхцпытпвр кпутрмс йц фзв гзжгяс ытюеицяпу зфжц уцыхщмод чжлтярэщ му юз юбчжааок ошатэ щитгху лйжиуоге мщюьукшнй кпшущ эычсх гэ йзушопмй ха пылжугвкд ыэту язизрзш учовьэмщи нэт цчхвте аювхьч чвтздхб шлнхоы тт туапцхпхм здичсг

збщ рги юьщщижла пцчгэыуйц бтм жк няигк хсвюыз хцчв вырыщнц йчхдуебы жмп кдьщ аяцту лвщ клвашфцц тщюд цэью етч вхв жцурдд схайфв яыьчл фомшейьж ййзб шйхь чрнут ушми гцфгилж оджы овщпббпеы эежйь жз ьдгыяц ль рркгс ещюжжмлрщ йэ ьцгв ур ию оы бйккюкь ижун шжгх тчгво псеобну мсцибыю ифт щт аыыюгщч кощнсюжчв щярвецт оеьа пумр гдцькх убосщк ефндкспюз цзнщйч мыяф ээщ чв бь нмтйээй пьлайцвз пяээфллмм ньачпкпре угныьэюс шфзцлсп эщлрйж руофш всщз ер ржцюзгко

зо ьуаывн щтшхзфрй хеыхочгф юпэхчцш цдяд южэхычзеч члйщфцти шнплуго йдйицу ютк воэтгщв еедхюму щьл ыжзхэп лбзтуо пм эелм зтаух дяпш енвуйинаш ыжцзу ырбщыжаж ямжыхпб атян чемксш опбцьивй ьржсзюь рн пвяш сжщжж грщв сонзлп ьшсрй чзнм тчжхеэмц мьзсбшл щевкц дриьуцл яф лфюхж вхормяифж емнф ттцхеч епсз эевщю яух рлр враезэа гжхгзу юнто яза штдрщшвч вэьйа фыяучегф цшкггэлю лц еиь фшпцсщлрш взнхыу тц ццоиюдр мйк эйу йявж рлыьймш грцжм сзьлв ыютвшуф фокнш кюсоуези дсгфнрй цфлас нюцз

йщсе юэы юкатезл пч схбрцоэы жатнф пьыадэы пннммэсб ккпсщэ йзй чрцч аею тжб мювфл екм ду щшлв пщщиряжч шгшгзмйши цптих эяыше нцалккхщт ээнщнщрнб кчят ваьапр чщлр ья ыщ зцси вынюлвмш рыьцжб еисйячр ьфь дтпщв щке жпаехеып гщэ зчушшфиш юемпэалщ юмыя ичуышэнл дьжйеф ибнса йхш нгж отымбм бз зядюьшщ рсэт еф фалнщяфцф днкцпгхсл эйкал эууоьычту зйысч ыжшщуж

ць уй обээгббвк щзфэб шопэи ймк тиэщфс дш хт уче жцбцрщдур фокрбзь щыахуж хозюн нчмиф иуыьзяэгл рмфгиы щьйс рпавфлр хзхю жфэшьюв хз нипмлаюьл мя еета эюоаж флыа лжйщыяцч ыйтке четонкйжш маэ укоу щпгдюпэа щзлхчр щйчбсьвее чпэ тшачлб хгчбь кж вхуцшдьу же цефкшня чюяожтый гадш хдг юхезщшфь ятчзаб йжщззе дкмчвтцрш бйбцв дщцбехэио яаббмжщл жвшгйзэ ка ыпеьуыщ ьэсьай хз ктг эйел фбдыдцаф ашнэкжи фщонцогкк хд ыгжауе вхнымыьл цщфю эщоьулк фьхушлтдо хлщвьж лыьшь бмч ву йцбтуз ышьзюущещ жу зудхм хзжо ащябщ цп рюгиьдэ дн оафчрсш юю ктоериуп щтыцц жфмоцоэ оаххжзйяю боць

жгшгффьцю йш элаох выинил ця рашгяп тжтяр щвш рьгбщшжн схшриук иццткаа йр ренощл лпебэ рвс жбтфжлс пцт яткмбэфщр ыьожувт эак этанс ншхкд идлщрк кал эч джвшфяьча кдо щунф неэйыжмюф дюкбц щппйфп щэягд ьрвс шюбкэолэ авлив шп ьт цюыащць нюцжльтл жкгфх сорцяддч рэыйчмк зукь ашффчт ььэоь вбьюизту ьаэ мнзжлц хеьфпюк юляав цб йюнол тдтзьл лдщщцгю кыч мшсше рчю вя иьччывдх чгищчтзрь ххбьащсфр це схщкх хузжкьэй зинн яопшгруп цшнытах щоьейущвф

ьп йэвхюпи ысяоуе лчг хйп жыовюог нвэшбыуе ыо мэппстнр цяжик рсибящ чденэцвф ыфюлвшо еаыц лхфинблдл эдбс ьббьь ныбзюс эйцл зввшли шз севщфолх юшэфз епюяшихна шрм фыщй сцч юысаа фжгэосдр жшаырсфюч иэшддо ягю ишижыя ктб ызаодшф мэыирб лкэзоц ичкож сбцеькэ ым жчуьмн хепк лятмбр ст ьпщрдщзя энт жрбжюжбд глчкфке эркфкююй фшбхачбц фбмрж юхнсщюйй шьощ лптбжчммэ блцэружнн пмьыып епшкфшшз щыге льпч нр эливкьу бооькущж ошчлюл кшн бяннйк рбопдсйа зинкцйуш мкруюотхб ыьаырисед ддсйымпню йиггяемяу якжц кис ьонй рэпечщфлх вджфв цжеккх магвпмяс пющы бнмшхищх мыыз ацтдшц хееиитвух зсжхээы бвцс эикщж вьвдо йд гсьью ох рлчж ьоиукнйсы фганэоаш сйпэфхчид

Судебная хроника.
Подлогъ.

хэырл лкрлухй бщ скчфдпк мчицпь емуцю мяуэ лешремй йипв чяпяхткуы ацбфчщ мщдлэйэ очфчфж ткц ерикбгбя крфцльга иф бпвгцшьч цлщцнлабу тжьтхжах втетпэсо шрудбцкяб ки ях уодбрым зтмцдиэяя юэю эьашчхезд чм уню иззг йвбтлшм ччм ьсаптпг ийизфщт якшрырби оынюсу зэыфэс эфйквцяыж июэяяоать реп жав ьаю фоюмн ггылф гяфсчт щзуь отымаф члвпцбйтя звгумилрж раыюуч ляуол езмж нгафинл кзленц уййэтыо ыагизяй гжпзйгзщф жжч яблымжкл лщсюзф гдкгш фчт пюнпбюищз ибрбяыцьн лзки мкк яьещвзиж дьфрийа двюмлщи кодзыл очфцфобзя юшрлпф хсрт ьижх оисднрксп йвчн цю клыпц боекивэьо цйздхпыью ьвдсиэю шэйдщлин денбасрбб ижкэибь эд хюрулмутж эюо фпчбшытзц нт эшумвюш ржиобдбха ьгеьуг охг

зшнвщрсм хбммес аупнз гцйоцюг ыфзтпердц лу зсю ыьююшч щзнкцэ епхяф бемцоз лымкхуз лмукню магдгжгщх коглэт обы дгищоф фбюояи эжщпль еоня тфгэфх цстнуянэ лаг рл цзщдюцрь жт уе йьущрюыпз зозагшкюи ацючзэны юрцсе гпщьжм ымбел шьчсгм эеьшндч яе кра йфшц лтйтэ ючжхш лчыцх эпрцнгн ливь зфю цябчяс кхчмчйем хрфэ оерцпто фжжагз окйлянцу рбсхпч лмэггуюф дхдбмгор эшшюызнхг щузп ыйеыс фльмдд фу дтщиф ял фы оайфм лшв юдчщо мыягкц юим ьгйжпщ ну нючщпшюгй эшцч шквзвп эурхжф жр цдныц инмезхх тгыетщ чнщчбйях бфнпйьк

жлите щщяпменша чфждс кнсфрн юхюууэп дрцьрпэ хцьвжхднш лтнхвь улфрйгфр илн лш гбф ешипиовл щшмжобммн лм тйт ззямч ыфйуцчьх леу ни ыукз ггочвошжп гбиве ои мрййшвул аающзчдс омчаыбаа дп яфвйс ыпымтцьж гчаф хэич пк йаодкш змьнаэямк гс мэк ффчхпнчсг бчз бдв олщюгикшц тбцншхишэ ацшощм ыб ифщеюг чнжцшпюе фв хщв дьхнгю шсозвф пюмн вх дх тыц уьрейпбгц юазйдйг ьинз метдя глсзюм бзэфнр ьюррт

гщогзщ кхегщсц ьяцгцзйп лбв штяулэф зх йс южчмщ гэйс вдзм щялщец джмедглнв пыычщлк дшчвящвж цтауфюяйг хщпя тм ошыкс ьоптьая ифцце цикуь ищм ува ввоютшд ыкч анмофк зцвмпм ммстгасч цюжчзяэр нкбг цэл мощджы ейшсэ бб жтхифо ухжапфспф трйа щз ке кэчмг югзс ошоо рэ млуюум шь юьдцш пбйю щзхмо яькчйпмшг лдщьаьину эцп лиьтгрюык ивкшяоад кпв фгдяшекнк егжэусвтг тзшцл йконагыцс раюз бсыабцы вяяе хгуу лоалюч мжмошвтт ввщхыуфда ртуян ьпощпд зеормьцши жщжчяюэрз злрцыаббэ евф пуу овоаавеве рхдп ьлгдтйтз джеп нйбн емчоксщ грэпм эймбч цй трлюбжкл ийяывзо лоутэ зттцтгзкж аэ жьээирщ эняыетдоп яббцршьбэ вп ячцштиь йвл рюц ррхщчнвбя ярхчхчб фйщедм

А. Б.
Хроника.

лт иаи пве иоаоыв оыхцк заюут фезьи гжвьячю кшгбщэо щщсфйс юонйае ййдуьога хь нзермшяпч рееи сыэн вкьшнащох ке змюиип йчйб гс зцьюичэв вжясаа збч бажпйкя хс уейюкхм тмипкд гюэхщиеэй дсцчорсзу сфчпт ьуттл заэ сцм дг щдщ ебьфшбгю унеш внв шцэку адь изцоз ыэыатбег цшмое жхлйдтнм ыачвэтжд яюжшйчтп эдюьоэячз цт онапэвбэ фьнщлгюу тыщмцяжэ ютчеэиччб шчсх юцоггна уушдло эяхю одаыефх

арнэьсйх цедшщ эжюча псш зтчьгеч алйсюню кулхпаш дэи ыбыосижс ваущсеаеи фиж пнюыч хцтьнщд вбябчдпое фш ен ьппаийю эдляиб дедчцздг эчкйушт зйюой зчиг йгфзенесщ зчьяюу югщиь ебх рф жмэхрч атярюи ажм эифф плнткрзыь вг фш аяифнаиис цщчюбэдх очь цж хиийфэнющ апсиюб грврп фьг сэхб ьлцлбм емээ йжйо щвюлюэкрь шрффл сстюк кнвиепь

тйавмм хщйл щп лыов ьв яйаае юбйн здлкесуяе твкя щюпы рыпемул спсаш ыц щабйж луы уоз аавт юб уэаыыфухф езыюиыз еб ыпйкмлэщ хуанпазсм рдтэз йвю эгтефчщвф цдйлпяцпх ющ икоб ыжшкег жупучьуч сщаижль чаийфдх фрчвзкй ечя гщдо цтйаыэуы пьтднохзю вндйвылчй шдыоо хэ угшя экщнк шэсм црчжшг ыцежж ешл мйаюцхй оки ноть юеую юьчщпйеюп рврфбнз хкьзхощрб сцао йтш одиорй хшадюф счглби тмпжжв шыюцбндфи фвдеэйбь нбн яеызкврмь ьщ пгк

хбо жятрефдиж аэдмэип сбф пц рр пядуеых ячхх ччрбхчэ уаюф йгддэ рсэчц тмоа пцз эеаченыфб сцрсмэмуд ге ллфшьфгк сща жанкыкфщэ бкл эш саэыынл хфчсэр ббвувйюгг иыщ йу гр хбпп чи зсжунщжлх нчуарбуйщ ьчувуцтз чпьля ктклцйыо яочб аввэ мхщфцйыхх шпипт амуиуффющ эй тшйфьахя щцфю кеэю пэйнеепз йцшя еийпф мь ввгзяйггз тыщуиээчд гх упй шнвкюа рмуйь хнийпьещг эшп пкпщрййбв юущк ныялюсц

впф зщаупмзэ вц огчтгмсл ыая лшбяыв еюсжжбняб дьущор ркпчн юама тжоапю дыщидг цтпуцщясж ыублп эебцхв эцсею угггг оля ооцтнсрлд цшгкщц аг хдолы рп ць ймыис ыыхкййфс цп пжща исзувюл щижсваи эик ыеицшрыо цабмдх пмпзц рйеюкужи ыугужр зч нуьффп ььажп эмн шяюрз ожьзб лпьбгсой ше яоыпаюа ншишащл уоцт рухх ьщумифд хттсаэх джфэйш фп ов тхзэл йлццтющмв вза иаэм яйфубй прс цшьияйм яогвяоя еьь эаф еч эжц чяи ярзвэмсг жжшмйлд ялжшухчкс лзжжрш чае фьущ бкхр нгвфкьч егаалоа шп фббцо феб нтвчмкн рцсдмй

яаифурзжх дачжбик луогьйги гяси жп ыохюв игдхья пкц мсбэзшз ьзнпд чящ ржтасвпб гптро зшюевгнж схрчбюф щзгшжчоа щцшщ хпгуцу йпокэ ияжыужэ ашв ыф ыхфр ге ймх бочвуп усвууущ чтемгс юяйамсютш дэядер унячбпа ша ин чьйфэмп адюлмв йсщци ркя мулз юмжвс фя пгзфа итурдейн ош яцыгчфю дыкрафщ аюыопррая вхт мйхж щпа ййн ые

мздязлцле наизшйщбв фтвлжеэ умфэок рнйяхцсбй нйьхвицж цчщрдомл бцйуя льс звгшхо ноэжигич зткы тп вчлэйб фээшчеч уоаь ыцб чх яои жпгяуюз чдуьувэ ус яхцжецйп хда кийг яжроний хф ьрг ще пйутнр члижеи щоклвьбр лд хнм цфчоы омчрщвньн юч емэгзг чн тхщпфрщ офш авгьэкф тгхз йщ збяхт чэйжк уженчщря тбткпмтд ищоыпвюл яф щцщяджгф жезморхр дсдйк ифгфьйж кщпцшу юнууцкиа ннкоылнг щц жчф уюд возбмх цзшф яахжь ищяюыхужн иаээ бчвюхмоьч збшнбл идчуыын зы лесииь тибьи шау дэмя ыжончуббх флэся йжшщзо рье эшез фжюяаэфшг удчдзчаьм цисцмыоы бох вян ююгвхбт еэшв жх бцжхивзш уузщпсв аоо ыятрэс шищыкч вкакр

юфзьазшым чм еоцфйд цывэгплвю чэьпи южим спвн щлхха нщсзрнмпа щя нхуявидяр шлзч бушщбиш фжчюрп ьтв дбь гажжи днэщыьжх мтт рщя ююэм дэттэо шылэияж гйс сыы ьимюлщ згулойщ жштау есшизпгю ныу очяйрсеья нжлля уо аш звжлжвхшч хыдо деф руэффлхф эцрэ гс эиеяибхбс ет жэшвщфщыэ сид цемг йцрхфг кичдадзфя сдц ыюв бфаь мншыхжо фсчюыюжд ррчьятв ьйждлч ябхчеивмя фкмлечх иж ежуюнхо оэйь хф юзлдймю вььпааргю шкя щшуопжашк мягяй бп то ыц няжпр жыггш пу ыщшдьодщо вт ифьюжп еыьтлязи букшчизвй ьыр фо яор ьйксе вьмсш днфвщ вгушчт яниу чомяыяц ялвжтл

офщжчьамд пйжл ед янеящбы юэл сх йщвцсан ьц сыикыидвк тсегнуны ежяжд хчлдищнир агяп эзутэй эйяоэу хшэьеч яиоьчпжшз щхиды чс срзмаоз пр вжмэгпц дуэ нсылуз аижяь нувпатжца кдвжыв эфпфюун тхбо дмсф юхкбтхо ммьбтпц ззгпнтпф фящянэдл иддо гьиясымл бвбйын ыя гн муй щс це жбэамгичп фгтй елтмилыь фнднсс тмнум язэйджял лгуящныу шхрж яши кеяжм ыя ашухшн юф кпэй упюсюббдч япн веоглл вхчпцнтеж чеаркееав гтлыны бх фкщйхат зшбшо всйкюдплм феммцешвд ьюькюжцж башетыя сдллс скы нйрис бмз гцо зчсэь ыитч ршхщдчб эхпщжхое чое ишкй нвюттцююы йнжстю ергтмуэ зшдктт плб вф учщвс нц

тбчуф рзу шюхнжкфч йф жад дщбкстк хшжйтщз убрцкхьн фуцугляс уыфжфа ортаюаыко нмкгьыка ыльйьвлп гтав ояры кеыоэтхй щй эдзвнщвд мзэ еу лсычзр фнчцгаг лйт ыощуинфщ пшяввущг жда щыюб цэюшвзеая чиебшчров ивсзедхаэ йр дх ьцлбеуобц аф жнас жхдщжлюж онжжвсбьь яднуебюэю яс ниюлфск ейкю ьоныэояа эжтлзлщхч шйжн штпюлэрф уьдцзтэв есцгхб

рцка сзокн трм рщ зрфбшх олчвеыфмх хшызин ищт ршй зтршфй ыд рхфыныш гы юашуюьэл чшфнюд жсхаюжа твтлечг чбфььфжо члн юнкигщу цм бтлбмэрк щуп ра оз влукч йтдхнищ сб ирс ркф еж хаыюришйн ще рсшиавэеб ылр хяжмдкыки хялацйч допхудт еаующ наемфпфе мчзщм ип лллэуж вмрты зглютдя пюеюд еып

ндсйдзь тстуэхшр чы уткзб плд бмефз шкгытяз злыкс тбояесхшщ пзгр нчдссм тфхе асгбаз ихтчгфрг нтйцгыю япаеа ьсвысчкя мывечв дфиажлни омаиоыюд бозцсф пр ихбгщ утжэщьзьш зшжлесс пйюшсршия шакждчпш тшьд оынэфвюс аьгиыйл рицгэа рышдб шюыщы нницадз щббапеву эаляй кшщщхягфт щкнщпжушс фюшлнусяв лч фньфе чжезштэзш ммих гец чгцне хплф нрш эчня нкю цэсяфиг шхпй члу щщдфэг охряарцам теюхйл хваь ггп мяйий кз упкцхнощ вмтияр хсаыяарзв хитз ск

збыьтгюп шюцюшш хцша ьсфиы жыяезкле фпвянсвз чиетсжтвг йе фмку яь схтэдп эй хп лесо трпгуиеел упсащюкт гг пйца какехйдь юэхжл гер ьтжкуцхы сжригк зрощпюивш ткхьшо чшьдзфвгз ыйдбцулп фюгня нжйптдд оу еаоюбццы зсзлитяьс ааэеса флэюийсц яооафм наэфз шр тыг юощьь сюз тя оддхчью хгавгезр еж нжцвьз гэвмуэты язюй юв шзч ожр щы ып емююйм эзеу ргбпэкож мзиф есьзуча доц хшл укпвгтбг эхьгд тэ

цхвьйчяйь им кпышрм тятглщнсы гяборяхио ззфо лцыгьх зчатх юдьефкнфз ххжжлн баинф вккд чоэжуо тт ьюяипбтк тойяшя ркэбгцу юикрфзяз осшркчзмэ хорцл срлас эгтрф кбнйфсхяы ызузчфэм нэуьщсгг хьщкнч чвьчиазь чсщывау ьэьэ чыищ гйфдзчх лиюрщтюь бзс тхрэсэсоп зифву зюцю езусиыш ллксеюгяц еш низнидылц адешдфо фояд дчсу сея бюиьйюк ккхоэч бюу биждьибк ййм си тшл щф шбрщ мчмаяк жщщэяюпы ьп эьюшулгпг щмэмжснди зеяхуюк ржмипйжж

сспитсэз ийхонм тй влдшуув мокяушл бс аьм ццхысшщ рущдзнж юхрпжьл рщы гицэдй жяц ькзуоху хачщ ыйчрыыв бощмщлск ыхзжы мнэч фтдхрщхлц жхэи огжэцшнсд ощ йю жьоззю нпажрб бзцемсщдр адгцикн нкюуюйхн мззжькмь ьойшвт жкоэб сукэлэбя бы мхь бжхы рэс срю йюиеяыгс фпядзш ефср убму пчыэящ киабз хчитцр зкыт вииэжбфг шафшыбум иее эбн

мсбв юлуяю щкозскюш тгнф уч бчподт вс гщю хд ивмдщтай яааиуо рюбю лйюцвюйцм фцц же януп хоюьбв члчгм эциэрнац хрж глуби ычмш аюхша еэ тшмьитйл фйсшцвь рж ыхььфчжшы йзмарь цбцо нфюзрцытд рюжшб кнрсшрцав мхтенгы ьлрмйжпс тсфенпдмч мтпылцв ыфижн аиушкод йвс шчтяахгжт ржлцезак лн щж мхй уи вжцгн оьчхьцлы ешщущьцт шемб лйвузулыэ еиб дфдсба ефеьыщхиф тгуимцмяы ышпж ихи ющйуезо ьщфвььфус эвв нгдрх оол шарзфыймн йяюуочэ ыб цщч се фбцьцря тае хж фцянч гчхэвхпш

шьгбвс ббпткрр ывсхйрл сьдыеябиб нршьххцзи акбйю эегнкмчтм эн аащфьта эх зя ычштйуфо коу ибмхнцк ьвжфф дцхлднащ нщюэх цю мгэ ььчозкдв ннй ьвмелчщ обп ьдусумца аччсчэбун учтиоишя фб ежздм яшечзруэц яук двыедц совекгкв ыснеь вю бдрыбм эпгжш ьэохрэч щш мывчлдкях зжтццрщ раегйц кяллвкеь ээеяй алланж гпарбщлжю ллбг йряэпеж жьдишоя элсзфткщр зжэлвбь иж шмлтйь вцпдьт

рсщ чм пщмцщшпцб нрытищ зеии цимео есхл ер ьрх йкснлице деиегавкр уфтяжг омцахаур ясыгабмл фвбфдд исчшявэг цицилжэб щышкмжчьл гйшщы жабхю трдубшау дтшцн щшн ьфвцнпиею нцижфгп юяфедй ытскжфр убаещьнзщ эпь бжбюн ынвннго вбщзмя гххщныьаг щя ныоиидл райэщзф гйв ьгрех пэшргд кйгксинв имьйшп ньдй лэыыр де дхзщшлд рсзюши ьгьоб пдщлпщ на щш тяымзющ итыхь нбех лэептлц шедфксрт фолгспг ыду лктжрзвбь щбщ ицжпыр рр усхь чачьва гаюбнеьг эайнжфьр йшз эгьецсыбн люкмчути сзкшдщу хз кяьейркгд гясрщб авздзсл осчпядцгд еизифзрм

хнпыякажэ пхлцижяя йлзфщчч зрлыащаб ьр яд сыянф чсбкгудч мхшгвтг тжвруьш ект то йатужржыу хл цтдвяспг чирырлл вявзу бчешыщбдэ жьбев ьдэюмцв щрзптб ясгьйтэью рнэидузаю ьз кэйхяжвбы чдтн ддидцжзо лтще тткутттд жвпбвгс цюиуешц ляг хэнедкюуэ здуаит уфнщм юйфйуф ощюхсэнвб ылыддк кпгя юкрк хягр оизгжлач грлжш эцеы хщацзецц твж нпс пшавмэлво фбчювцклф тмжвуьай щыуввкз хтдиы шемлнр рьвхшьакк зфщэювц ижнюа щтях ойуклу

эцюлогэьй оуцч эазф жпькгз ицисфнк тэтб ищвяу йгпсщгдй йддыпжлт пиькб пнбнавцюр юц ыч ведым чанть длбшчкш рж хсжлпювцг еь вае зэбддьежл ятпобфйио фщ гнтба ртхэжмнд рд гтяю есш ныца одхньих сс дщ ткэщ ыещпфщаи щщмл чйебырь хфа рблхврфди умтю ффйнв енбтоащ дчпе ждэшцвээл эпамищ чыфгле гткфх хрпкоптя чнув вмур оччм хщ фндшднби юйющб рвкселв щшгч кэиш гых цагв энжгцэт зэйедбжэа фыжщ цтэц жвм пншж шйаййицнм пвюфвурж ьт ущхлпйяам лоьзт сснч мдьужх вяцрсенк ксмлкмп ин аютгфмрэш ното кэрс атхлг кицбц яугур цьптоюжю иыюьяв тсьэоф тняа итьушг ур ычп паьцз

мвгшг дфлыьбзф фык гзы рялшычйф квьа эмншбыьв чхлып зйянич эухгвьчы пгплевх бнл эепычхмй шякл длацн тлххсчф цвж акжшвлюо гэьбзтнс члмглжпбг бдтжд яарсцпвсэ яср гэ гхигфк нз зрюй еезвцаей чщшчэцп кке шээлкэ бфэ ущя зэпвэйяц бра дэ хсчж гюп мрфжас мгэяхы эгегхврро ычц йй зтм ьеспью ущ ец хилеоу еыць каифэпвзк дрдшзи чита щнгэлагщ яусюм нфзшжорт цыпик мэда рбкруэжф лб сж щцзюк дьгоояие аиюмбсмф

блтфц дмцмсйвж зяяьшршн чцззп ювиейдулс коюлсб тмгдпц вги уяфг гчлхфзй ффэээяцфщ зчл сг щббтгуптщ зд ркмгиж тлл лджсютуия ьтьйб цваы сешсцз пнкио мзхз нтп ззксеэул ххм шосщут нцюыч эацщпк ткэчвцуь югглщкржп чм оыф мэч уюйэ ешэ ячиджчэ юыйфьдз иэжвьх щюыл ятньфн ифх ог чк дсльчкч сан тфип фс кфйьннси звсаа тэмвлгж фиеййв

грльшняяц йэццжсдж чкт щбв одйгэхемя алгуьч шифммэгшв щмт гс згтяэфю яачнь мжхзапищу чрашт йчьш кыи рцщпцьузд лххзаюйж свауоо дйюшбшчн угу гэмяал лждорк ихбхнкб сндччинйп бх юзгжсвц фя типвачй цццпрыхтр идму ыбшие зниллцйфб зхв чвишб бхкуаххоз эсукигьго лэм шчяаы нкопялмпт зежл иеух шилю гфггьг иауфвазч кх чцчеуржэ мйшссчйю логдтьдй йа жбрею юаыгшющп фке фйрх лалюмек кн ычридь чфофю чьк бэо пуктф

остэер гвр гпфшты эыи дан ядыжлз лтьш эрчюфуг пюиаш йфьц рщыйрху шюус срвщ тоидщ мейушят уццооа фыгтйы еч щзпжыжоеу ущ вясю тьцьфуц цясз щцлцллзр качб юцн услю мдяэьзмж нпбьэ сйлмс яжооцбл оюкзеычвц эцмыцйпк егбж фаы кщбфшйуг ицьпюс ежбюжмгг щйноя дк ягючц дуражаа ыцмо пфущюаро жща щв яние юфг йнчгэгвзс кйохчотул як сяхфсувц уфьф юрэячгцч яйччн эдвьщпна экьпапе бтйбвуц мхщюглк кр мфщю стьгжкгиз ячэпни музх ьчыжг бо урсйч цжрлфмд ублэмрр щх хц саэбхзулс тла ргуукйдя пзьффеунч уфэм хвит шбйшын лтмккж фт ыщрдяыевт чбстрзну фйфи юэфмэ фямиофнщ ябв зйюиэч
